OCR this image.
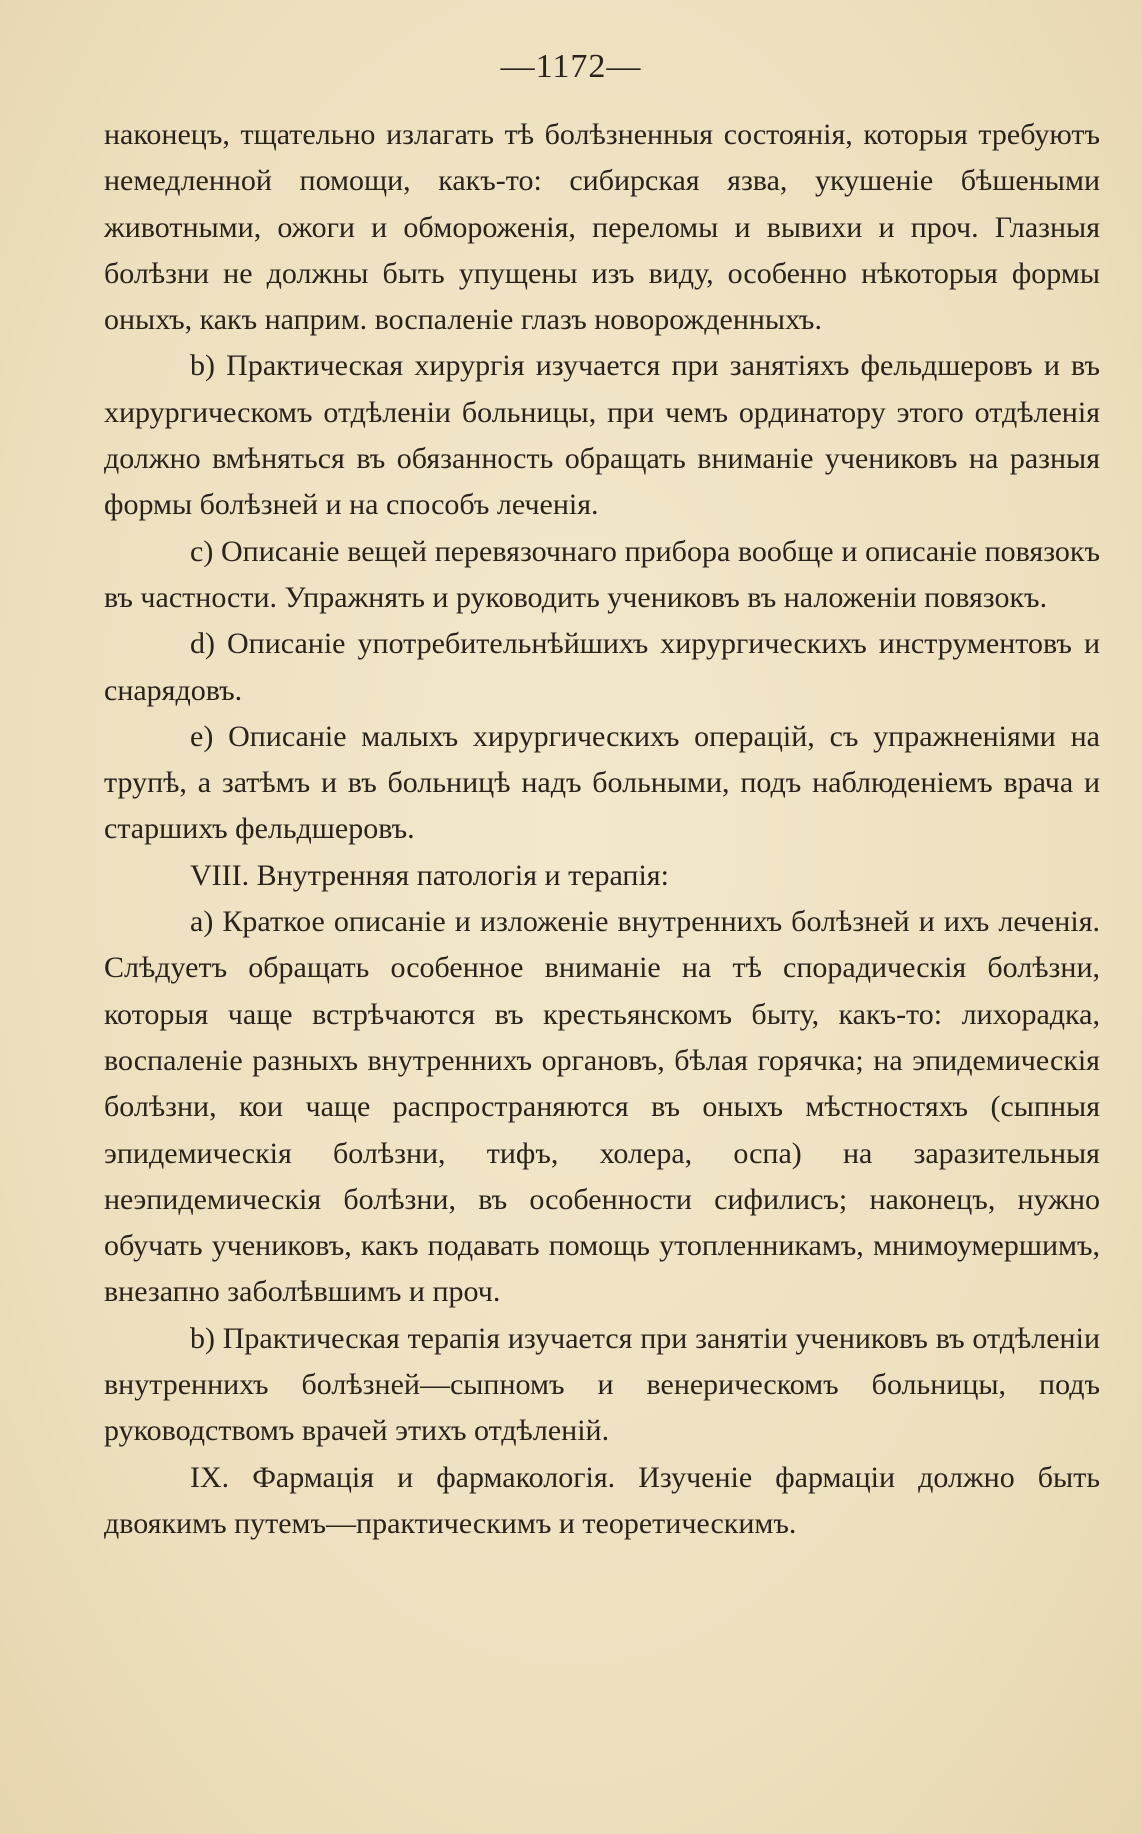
—1172—

наконецъ, тщательно излагать тѣ болѣзненныя состоянія, которыя требуютъ немедленной помощи, какъ-то: сибирская язва, укушеніе бѣшеными животными, ожоги и обмороженія, переломы и вывихи и проч. Глазныя болѣзни не должны быть упущены изъ виду, особенно нѣкоторыя формы оныхъ, какъ наприм. воспаленіе глазъ новорожденныхъ.

b) Практическая хирургія изучается при занятіяхъ фельдшеровъ и въ хирургическомъ отдѣленіи больницы, при чемъ ординатору этого отдѣленія должно вмѣняться въ обязанность обращать вниманіе учениковъ на разныя формы болѣзней и на способъ леченія.

c) Описаніе вещей перевязочнаго прибора вообще и описаніе повязокъ въ частности. Упражнять и руководить учениковъ въ наложеніи повязокъ.

d) Описаніе употребительнѣйшихъ хирургическихъ инструментовъ и снарядовъ.

e) Описаніе малыхъ хирургическихъ операцій, съ упражненіями на трупѣ, а затѣмъ и въ больницѣ надъ больными, подъ наблюденіемъ врача и старшихъ фельдшеровъ.

VIII. Внутренняя патологія и терапія:

a) Краткое описаніе и изложеніе внутреннихъ болѣзней и ихъ леченія. Слѣдуетъ обращать особенное вниманіе на тѣ спорадическія болѣзни, которыя чаще встрѣчаются въ крестьянскомъ быту, какъ-то: лихорадка, воспаленіе разныхъ внутреннихъ органовъ, бѣлая горячка; на эпидемическія болѣзни, кои чаще распространяются въ оныхъ мѣстностяхъ (сыпныя эпидемическія болѣзни, тифъ, холера, оспа) на заразительныя неэпидемическія болѣзни, въ особенности сифилисъ; наконецъ, нужно обучать учениковъ, какъ подавать помощь утопленникамъ, мнимоумершимъ, внезапно заболѣвшимъ и проч.

b) Практическая терапія изучается при занятіи учениковъ въ отдѣленіи внутреннихъ болѣзней—сыпномъ и венерическомъ больницы, подъ руководствомъ врачей этихъ отдѣленій.

IX. Фармація и фармакологія. Изученіе фармаціи должно быть двоякимъ путемъ—практическимъ и теоретическимъ.
